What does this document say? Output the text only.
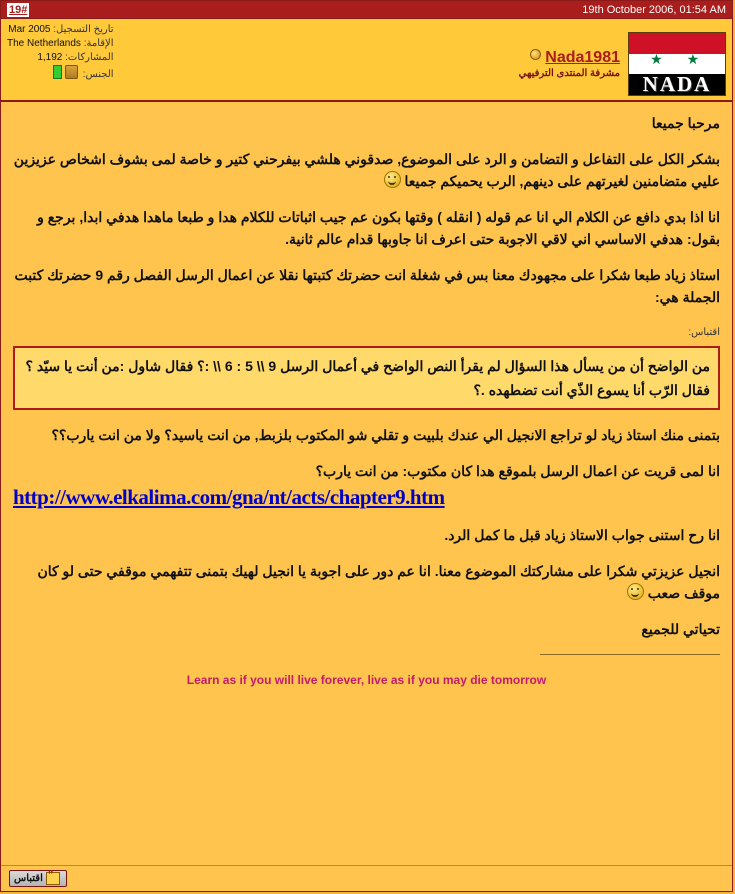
19#	19th October 2006, 01:54 AM
تاريخ التسجيل: Mar 2005
الإقامة: The Netherlands
المشاركات: 1,192
الجنس:
Nada1981
مشرفة المنتدى الترفيهي
★ ★
NADA

مرحبا جميعا

بشكر الكل على التفاعل و التضامن و الرد على الموضوع, صدقوني هلشي بيفرحني كتير و خاصة لمى بشوف اشخاص عزيزين عليي متضامنين لغيرتهم على دينهم, الرب يحميكم جميعا

انا اذا بدي دافع عن الكلام الي انا عم قوله ( انقله ) وقتها بكون عم جيب اثباتات للكلام هدا و طبعا ماهدا هدفي ابدا, برجع و بقول: هدفي الاساسي اني لاقي الاجوبة حتى اعرف انا جاوبها قدام عالم ثانية.

استاذ زياد طبعا شكرا على مجهودك معنا بس في شغلة انت حضرتك كتبتها نقلا عن اعمال الرسل الفصل رقم 9 حضرتك كتبت الجملة هي:

اقتباس:
من الواضح أن من يسأل هذا السؤال لم يقرأ النص الواضح في أعمال الرسل 9 \\ 5 : 6 \\ :؟ فقال شاول :من أنت يا سيّد ؟ فقال الرّب أنا يسوع الذّي أنت تضطهده .؟

بتمنى منك استاذ زياد لو تراجع الانجيل الي عندك بلبيت و تقلي شو المكتوب بلزبط, من انت ياسيد؟ ولا من انت يارب؟؟

انا لمى قريت عن اعمال الرسل بلموقع هدا كان مكتوب: من انت يارب؟

http://www.elkalima.com/gna/nt/acts/chapter9.htm

انا رح استنى جواب الاستاذ زياد قبل ما كمل الرد.

انجيل عزيزتي شكرا على مشاركتك الموضوع معنا. انا عم دور على اجوبة يا انجيل لهيك بتمنى تتفهمي موقفي حتى لو كان موقف صعب

تحياتي للجميع

Learn as if you will live forever, live as if you may die tomorrow
”
اقتباس
